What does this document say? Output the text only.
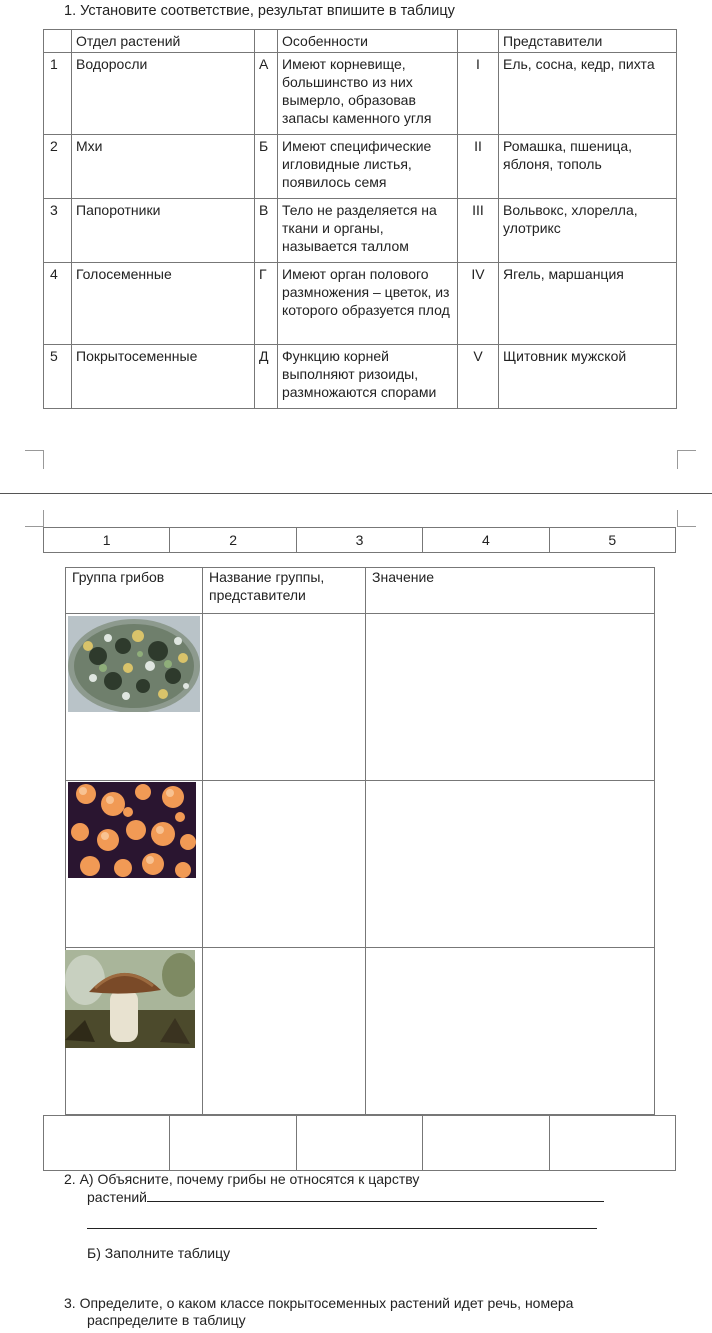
1. Установите соответствие, результат впишите в таблицу
	Отдел растений		Особенности		Представители
1	Водоросли	А	Имеют корневище, большинство из них вымерло, образовав запасы каменного угля	I	Ель, сосна, кедр, пихта
2	Мхи	Б	Имеют специфические игловидные листья, появилось семя	II	Ромашка, пшеница, яблоня, тополь
3	Папоротники	В	Тело не разделяется на ткани и органы, называется таллом	III	Вольвокс, хлорелла, улотрикс
4	Голосеменные	Г	Имеют орган полового размножения – цветок, из которого образуется плод	IV	Ягель, маршанция
5	Покрытосеменные	Д	Функцию корней выполняют ризоиды, размножаются спорами	V	Щитовник мужской
1	2	3	4	5
Группа грибов	Название группы, представители	Значение

2. А) Объясните, почему грибы не относятся к царству
растений
Б) Заполните таблицу
3. Определите, о каком классе покрытосеменных растений идет речь, номера
распределите в таблицу
